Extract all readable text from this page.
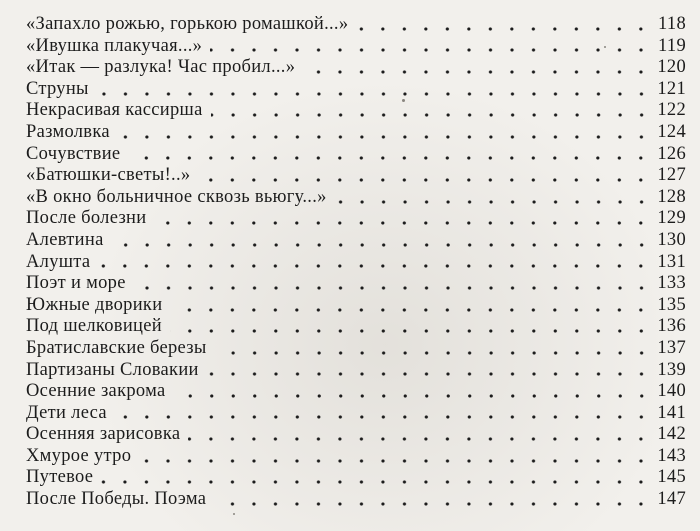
«Запахло рожью, горькою ромашкой...»	118
«Ивушка плакучая...»	119
«Итак — разлука! Час пробил...»	120
Струны	121
Некрасивая кассирша	122
Размолвка	124
Сочувствие	126
«Батюшки-светы!..»	127
«В окно больничное сквозь вьюгу...»	128
После болезни	129
Алевтина	130
Алушта	131
Поэт и море	133
Южные дворики	135
Под шелковицей	136
Братиславские березы	137
Партизаны Словакии	139
Осенние закрома	140
Дети леса	141
Осенняя зарисовка	142
Хмурое утро	143
Путевое	145
После Победы. Поэма	147
